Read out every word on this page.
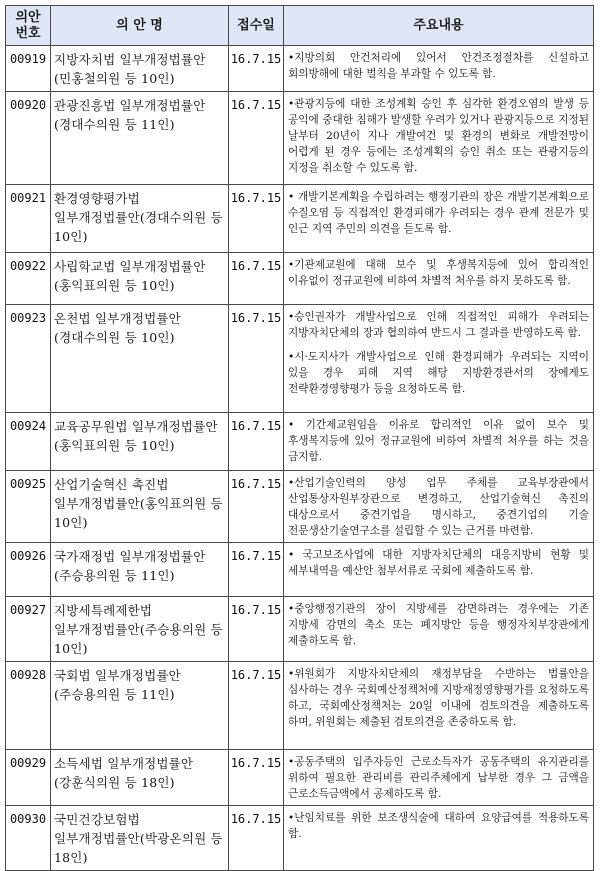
의안
번호	의 안 명	접수일	주요내용
00919	지방자치법 일부개정법률안(민홍철의원 등 10인)	16.7.15	•지방의회 안건처리에 있어서 안건조정절차를 신설하고 회의방해에 대한 벌칙을 부과할 수 있도록 함.

00920	관광진흥법 일부개정법률안(경대수의원 등 11인)	16.7.15	•관광지등에 대한 조성계획 승인 후 심각한 환경오염의 발생 등 공익에 중대한 침해가 발생할 우려가 있거나 관광지등으로 지정된 날부터 20년이 지나 개발여건 및 환경의 변화로 개발전망이 어렵게 된 경우 등에는 조성계획의 승인 취소 또는 관광지등의 지정을 취소할 수 있도록 함.

00921	환경영향평가법 일부개정법률안(경대수의원 등 10인)	16.7.15	• 개발기본계획을 수립하려는 행정기관의 장은 개발기본계획으로 수질오염 등 직접적인 환경피해가 우려되는 경우 관계 전문가 및 인근 지역 주민의 의견을 듣도록 함.

00922	사립학교법 일부개정법률안(홍익표의원 등 10인)	16.7.15	•기관제교원에 대해 보수 및 후생복지등에 있어 합리적인 이유없이 정규교원에 비하여 차별적 처우를 하지 못하도록 함.

00923	온천법 일부개정법률안(경대수의원 등 10인)	16.7.15	•승인권자가 개발사업으로 인해 직접적인 피해가 우려되는 지방자치단체의 장과 협의하여 반드시 그 결과를 반영하도록 함.

•시·도지사가 개발사업으로 인해 환경피해가 우려되는 지역이 있을 경우 피해 지역 해당 지방환경관서의 장에게도 전략환경영향평가 등을 요청하도록 함.

00924	교육공무원법 일부개정법률안(홍익표의원 등 10인)	16.7.15	• 기간제교원임을 이유로 합리적인 이유 없이 보수 및 후생복지등에 있어 정규교원에 비하여 차별적 처우를 하는 것을 금지함.

00925	산업기술혁신 촉진법 일부개정법률안(홍익표의원 등 10인)	16.7.15	•산업기술인력의 양성 업무 주체를 교육부장관에서 산업통상자원부장관으로 변경하고, 산업기술혁신 촉진의 대상으로서 중견기업을 명시하고, 중견기업의 기술 전문생산기술연구소를 설립할 수 있는 근거를 마련함.

00926	국가재정법 일부개정법률안(주승용의원 등 11인)	16.7.15	• 국고보조사업에 대한 지방자치단체의 대응지방비 현황 및 세부내역을 예산안 첨부서류로 국회에 제출하도록 함.

00927	지방세특례제한법 일부개정법률안(주승용의원 등 10인)	16.7.15	•중앙행정기관의 장이 지방세를 감면하려는 경우에는 기존 지방세 감면의 축소 또는 폐지방안 등을 행정자치부장관에게 제출하도록 함.

00928	국회법 일부개정법률안(주승용의원 등 11인)	16.7.15	•위원회가 지방자치단체의 재정부담을 수반하는 법률안을 심사하는 경우 국회예산정책처에 지방재정영향평가를 요청하도록 하고, 국회예산정책처는 20일 이내에 검토의견을 제출하도록 하며, 위원회는 제출된 검토의견을 존중하도록 함.

00929	소득세법 일부개정법률안(강훈식의원 등 18인)	16.7.15	•공동주택의 입주자등인 근로소득자가 공동주택의 유지관리를 위하여 필요한 관리비를 관리주체에게 납부한 경우 그 금액을 근로소득금액에서 공제하도록 함.

00930	국민건강보험법 일부개정법률안(박광온의원 등 18인)	16.7.15	•난임치료를 위한 보조생식술에 대하여 요양급여를 적용하도록 함.
